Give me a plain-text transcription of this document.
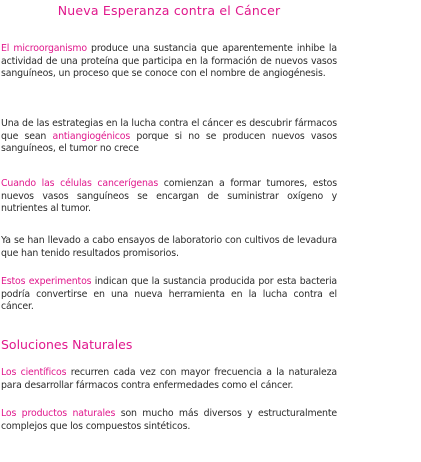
Nueva Esperanza contra el Cáncer

El microorganismo produce una sustancia que aparentemente inhibe la actividad de una proteína que participa en la formación de nuevos vasos sanguíneos, un proceso que se conoce con el nombre de angiogénesis.

Una de las estrategias en la lucha contra el cáncer es descubrir fármacos que sean antiangiogénicos porque si no se producen nuevos vasos sanguíneos, el tumor no crece

Cuando las células cancerígenas comienzan a formar tumores, estos nuevos vasos sanguíneos se encargan de suministrar oxígeno y nutrientes al tumor.

Ya se han llevado a cabo ensayos de laboratorio con cultivos de levadura que han tenido resultados promisorios.

Estos experimentos indican que la sustancia producida por esta bacteria podría convertirse en una nueva herramienta en la lucha contra el cáncer.

Soluciones Naturales

Los científicos recurren cada vez con mayor frecuencia a la naturaleza para desarrollar fármacos contra enfermedades como el cáncer.

Los productos naturales son mucho más diversos y estructuralmente complejos que los compuestos sintéticos.
